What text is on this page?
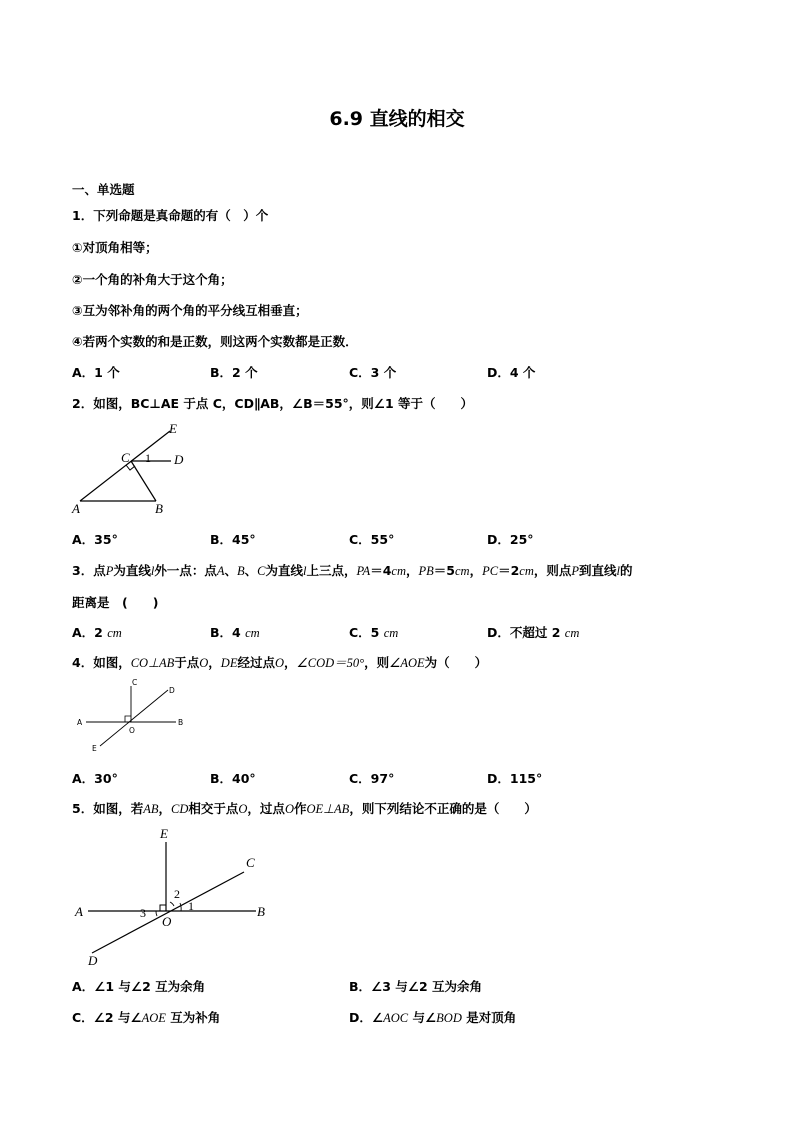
6.9 直线的相交
一、单选题
1．下列命题是真命题的有（　）个
①对顶角相等；
②一个角的补角大于这个角；
③互为邻补角的两个角的平分线互相垂直；
④若两个实数的和是正数，则这两个实数都是正数．
A．1 个	B．2 个	C．3 个	D．4 个
2．如图，BC⊥AE 于点 C，CD∥AB，∠B＝55°，则∠1 等于（　　）
E
C 1 D
A	B
A．35°	B．45°	C．55°	D．25°
3．点P为直线l外一点：点A、B、C为直线l上三点，PA＝4cm，PB＝5cm，PC＝2cm，则点P到直线l的
距离是　(　　)
A．2 cm	B．4 cm	C．5 cm	D．不超过 2 cm
4．如图，CO⊥AB于点O，DE经过点O，∠COD＝50°，则∠AOE为（　　）
C
D
A	B
O
E
A．30°	B．40°	C．97°	D．115°
5．如图，若AB，CD相交于点O，过点O作OE⊥AB，则下列结论不正确的是（　　）
E
C
2
A	B
3
O
1
D
A．∠1 与∠2 互为余角	B．∠3 与∠2 互为余角
C．∠2 与∠AOE 互为补角	D．∠AOC 与∠BOD 是对顶角
